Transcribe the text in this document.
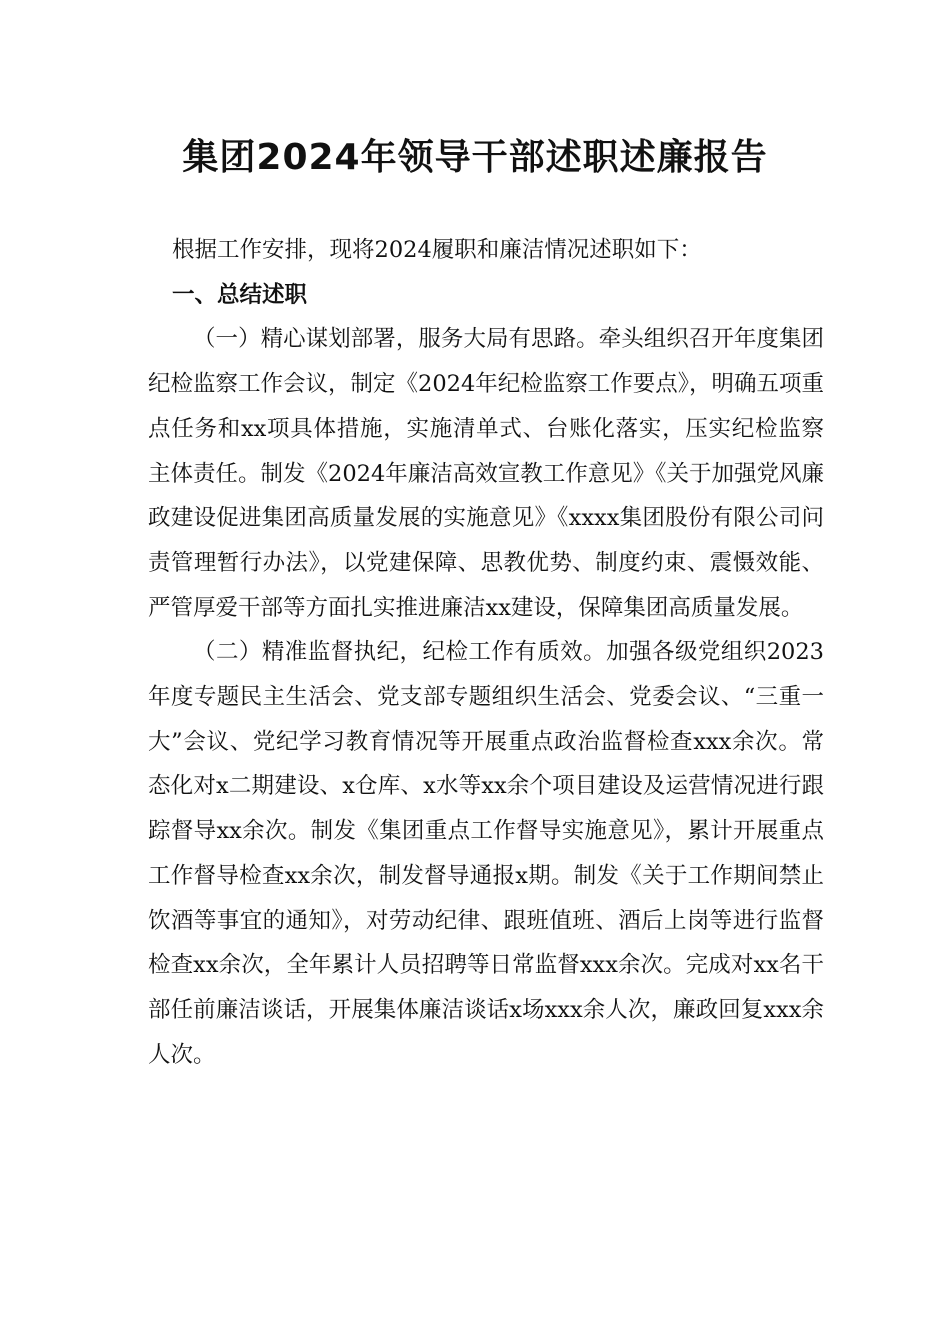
集团2024年领导干部述职述廉报告

根据工作安排，现将2024履职和廉洁情况述职如下：

一、总结述职

（一）精心谋划部署，服务大局有思路。牵头组织召开年度集团纪检监察工作会议，制定《2024年纪检监察工作要点》，明确五项重点任务和xx项具体措施，实施清单式、台账化落实，压实纪检监察主体责任。制发《2024年廉洁高效宣教工作意见》《关于加强党风廉政建设促进集团高质量发展的实施意见》《xxxx集团股份有限公司问责管理暂行办法》，以党建保障、思教优势、制度约束、震慑效能、严管厚爱干部等方面扎实推进廉洁xx建设，保障集团高质量发展。

（二）精准监督执纪，纪检工作有质效。加强各级党组织2023年度专题民主生活会、党支部专题组织生活会、党委会议、“三重一大”会议、党纪学习教育情况等开展重点政治监督检查xxx余次。常态化对x二期建设、x仓库、x水等xx余个项目建设及运营情况进行跟踪督导xx余次。制发《集团重点工作督导实施意见》，累计开展重点工作督导检查xx余次，制发督导通报x期。制发《关于工作期间禁止饮酒等事宜的通知》，对劳动纪律、跟班值班、酒后上岗等进行监督检查xx余次，全年累计人员招聘等日常监督xxx余次。完成对xx名干部任前廉洁谈话，开展集体廉洁谈话x场xxx余人次，廉政回复xxx余人次。
